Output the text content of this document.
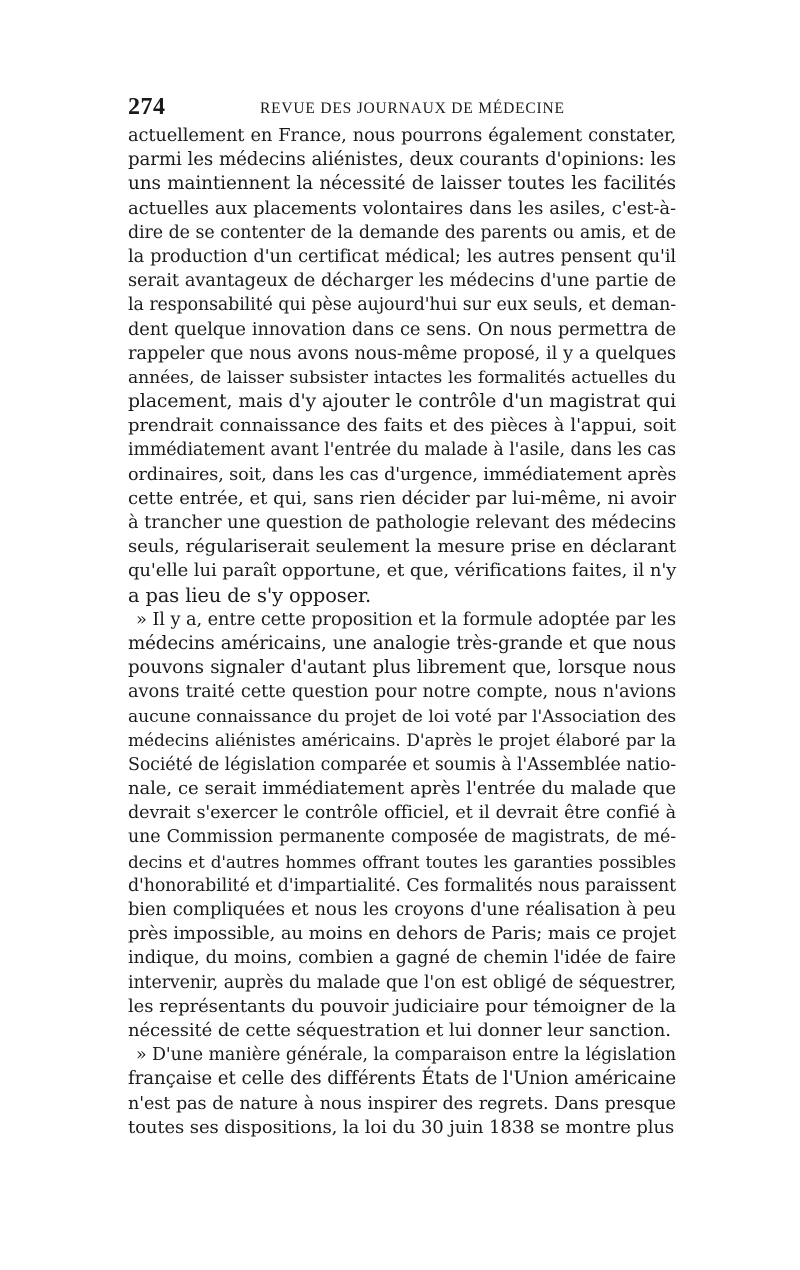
274	REVUE DES JOURNAUX DE MÉDECINE
actuellement en France, nous pourrons également constater,
parmi les médecins aliénistes, deux courants d'opinions: les
uns maintiennent la nécessité de laisser toutes les facilités
actuelles aux placements volontaires dans les asiles, c'est-à-
dire de se contenter de la demande des parents ou amis, et de
la production d'un certificat médical; les autres pensent qu'il
serait avantageux de décharger les médecins d'une partie de
la responsabilité qui pèse aujourd'hui sur eux seuls, et deman-
dent quelque innovation dans ce sens. On nous permettra de
rappeler que nous avons nous-même proposé, il y a quelques
années, de laisser subsister intactes les formalités actuelles du
placement, mais d'y ajouter le contrôle d'un magistrat qui
prendrait connaissance des faits et des pièces à l'appui, soit
immédiatement avant l'entrée du malade à l'asile, dans les cas
ordinaires, soit, dans les cas d'urgence, immédiatement après
cette entrée, et qui, sans rien décider par lui-même, ni avoir
à trancher une question de pathologie relevant des médecins
seuls, régulariserait seulement la mesure prise en déclarant
qu'elle lui paraît opportune, et que, vérifications faites, il n'y
a pas lieu de s'y opposer.
» Il y a, entre cette proposition et la formule adoptée par les
médecins américains, une analogie très-grande et que nous
pouvons signaler d'autant plus librement que, lorsque nous
avons traité cette question pour notre compte, nous n'avions
aucune connaissance du projet de loi voté par l'Association des
médecins aliénistes américains. D'après le projet élaboré par la
Société de législation comparée et soumis à l'Assemblée natio-
nale, ce serait immédiatement après l'entrée du malade que
devrait s'exercer le contrôle officiel, et il devrait être confié à
une Commission permanente composée de magistrats, de mé-
decins et d'autres hommes offrant toutes les garanties possibles
d'honorabilité et d'impartialité. Ces formalités nous paraissent
bien compliquées et nous les croyons d'une réalisation à peu
près impossible, au moins en dehors de Paris; mais ce projet
indique, du moins, combien a gagné de chemin l'idée de faire
intervenir, auprès du malade que l'on est obligé de séquestrer,
les représentants du pouvoir judiciaire pour témoigner de la
nécessité de cette séquestration et lui donner leur sanction.
» D'une manière générale, la comparaison entre la législation
française et celle des différents États de l'Union américaine
n'est pas de nature à nous inspirer des regrets. Dans presque
toutes ses dispositions, la loi du 30 juin 1838 se montre plus
